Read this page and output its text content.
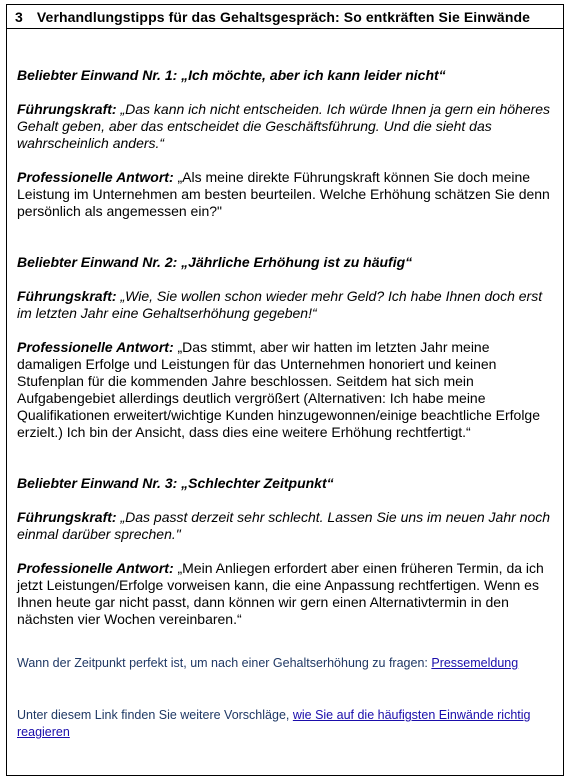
3 Verhandlungstipps für das Gehaltsgespräch: So entkräften Sie Einwände
Beliebter Einwand Nr. 1: „Ich möchte, aber ich kann leider nicht“
Führungskraft: „Das kann ich nicht entscheiden. Ich würde Ihnen ja gern ein höheres Gehalt geben, aber das entscheidet die Geschäftsführung. Und die sieht das wahrscheinlich anders.“
Professionelle Antwort: „Als meine direkte Führungskraft können Sie doch meine Leistung im Unternehmen am besten beurteilen. Welche Erhöhung schätzen Sie denn persönlich als angemessen ein?"
Beliebter Einwand Nr. 2: „Jährliche Erhöhung ist zu häufig“
Führungskraft: „Wie, Sie wollen schon wieder mehr Geld? Ich habe Ihnen doch erst im letzten Jahr eine Gehaltserhöhung gegeben!“
Professionelle Antwort: „Das stimmt, aber wir hatten im letzten Jahr meine damaligen Erfolge und Leistungen für das Unternehmen honoriert und keinen Stufenplan für die kommenden Jahre beschlossen. Seitdem hat sich mein Aufgabengebiet allerdings deutlich vergrößert (Alternativen: Ich habe meine Qualifikationen erweitert/wichtige Kunden hinzugewonnen/einige beachtliche Erfolge erzielt.) Ich bin der Ansicht, dass dies eine weitere Erhöhung rechtfertigt.“
Beliebter Einwand Nr. 3: „Schlechter Zeitpunkt“
Führungskraft: „Das passt derzeit sehr schlecht. Lassen Sie uns im neuen Jahr noch einmal darüber sprechen."
Professionelle Antwort: „Mein Anliegen erfordert aber einen früheren Termin, da ich jetzt Leistungen/Erfolge vorweisen kann, die eine Anpassung rechtfertigen. Wenn es Ihnen heute gar nicht passt, dann können wir gern einen Alternativtermin in den nächsten vier Wochen vereinbaren.“
Wann der Zeitpunkt perfekt ist, um nach einer Gehaltserhöhung zu fragen: Pressemeldung
Unter diesem Link finden Sie weitere Vorschläge, wie Sie auf die häufigsten Einwände richtig reagieren
